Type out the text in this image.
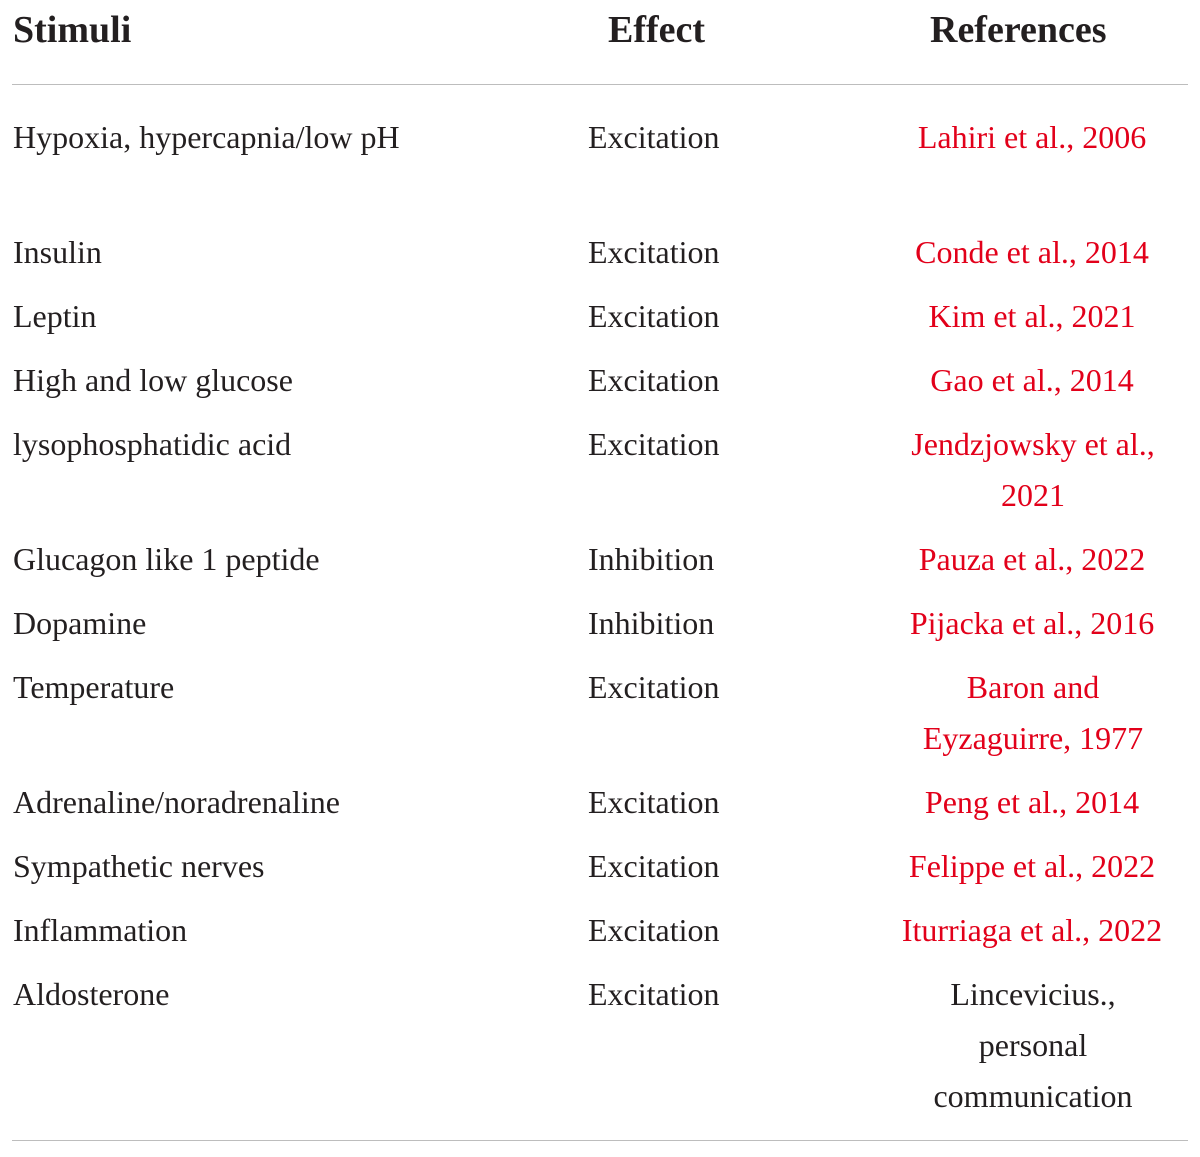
Stimuli	Effect	References
Hypoxia, hypercapnia/low pH	Excitation	Lahiri et al., 2006
Insulin	Excitation	Conde et al., 2014
Leptin	Excitation	Kim et al., 2021
High and low glucose	Excitation	Gao et al., 2014
lysophosphatidic acid	Excitation	Jendzjowsky et al., 2021
Glucagon like 1 peptide	Inhibition	Pauza et al., 2022
Dopamine	Inhibition	Pijacka et al., 2016
Temperature	Excitation	Baron and Eyzaguirre, 1977
Adrenaline/noradrenaline	Excitation	Peng et al., 2014
Sympathetic nerves	Excitation	Felippe et al., 2022
Inflammation	Excitation	Iturriaga et al., 2022
Aldosterone	Excitation	Lincevicius., personal communication
